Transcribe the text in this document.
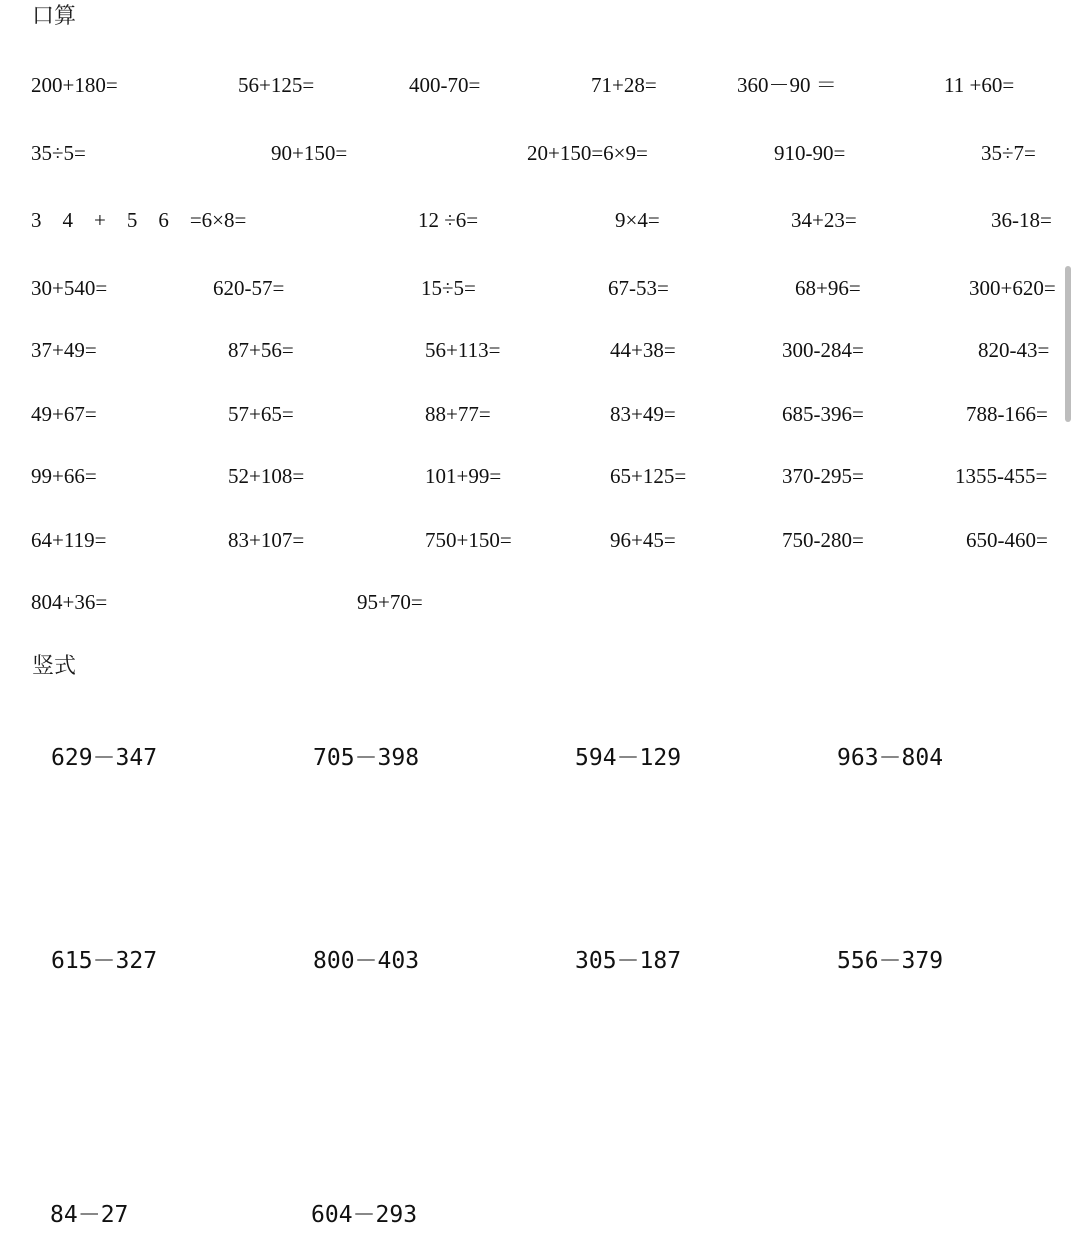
口算
200+180=	56+125=	400-70=	71+28=	360－90 ＝	11 +60=
35÷5=	90+150=	20+150=6×9=	910-90=	35÷7=
3　4　+　5　6　=6×8=	12 ÷6=	9×4=	34+23=	36-18=
30+540=	620-57=	15÷5=	67-53=	68+96=	300+620=
37+49=	87+56=	56+113=	44+38=	300-284=	820-43=
49+67=	57+65=	88+77=	83+49=	685-396=	788-166=
99+66=	52+108=	101+99=	65+125=	370-295=	1355-455=
64+119=	83+107=	750+150=	96+45=	750-280=	650-460=
804+36=	95+70=
竖式
629－347	705－398	594－129	963－804
615－327	800－403	305－187	556－379
84－27	604－293
